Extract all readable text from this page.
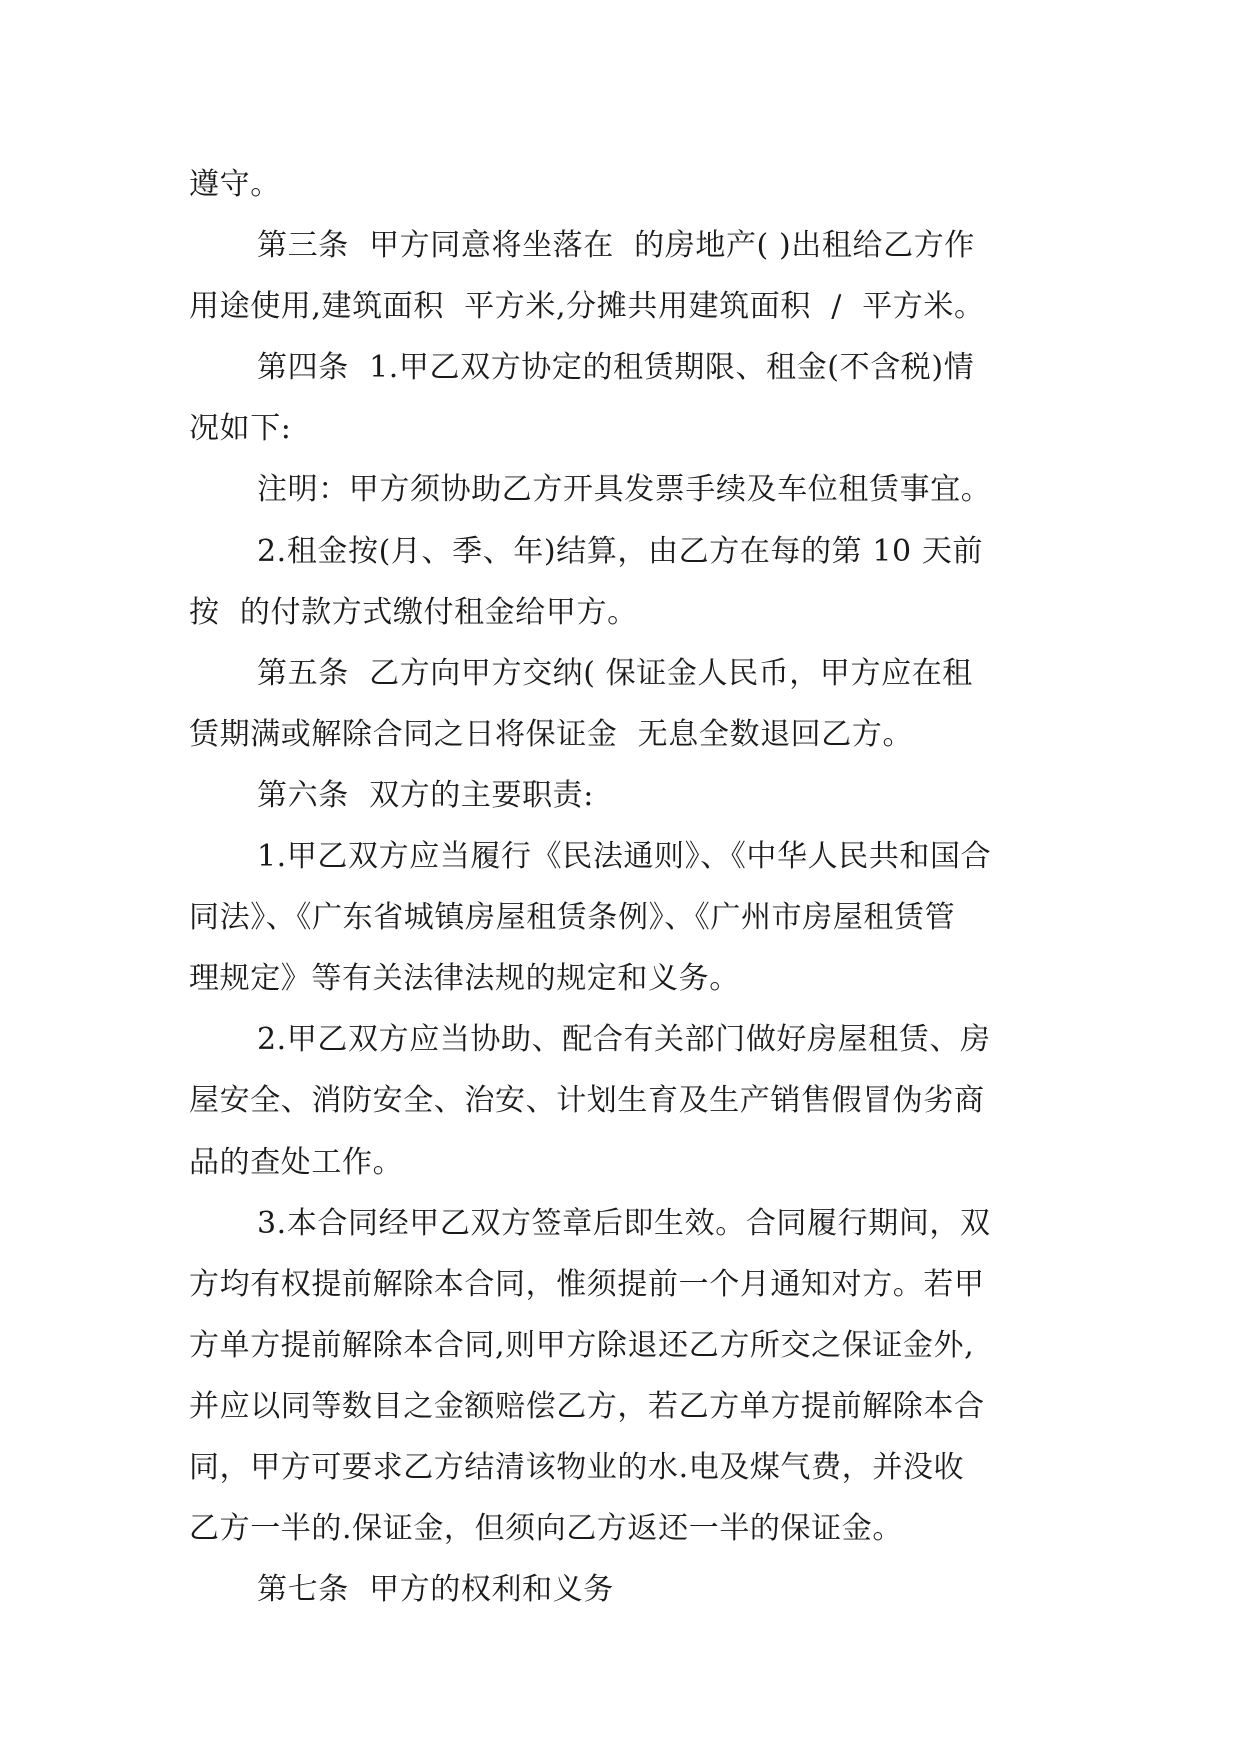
遵守。
第三条  甲方同意将坐落在  的房地产( )出租给乙方作
用途使用,建筑面积  平方米,分摊共用建筑面积  /  平方米。
第四条  1.甲乙双方协定的租赁期限、租金(不含税)情
况如下:
注明：甲方须协助乙方开具发票手续及车位租赁事宜。
2.租金按(月、季、年)结算，由乙方在每的第 10 天前
按  的付款方式缴付租金给甲方。
第五条  乙方向甲方交纳( 保证金人民币，甲方应在租
赁期满或解除合同之日将保证金  无息全数退回乙方。
第六条  双方的主要职责:
1.甲乙双方应当履行《民法通则》、《中华人民共和国合
同法》、《广东省城镇房屋租赁条例》、《广州市房屋租赁管
理规定》等有关法律法规的规定和义务。
2.甲乙双方应当协助、配合有关部门做好房屋租赁、房
屋安全、消防安全、治安、计划生育及生产销售假冒伪劣商
品的查处工作。
3.本合同经甲乙双方签章后即生效。合同履行期间，双
方均有权提前解除本合同，惟须提前一个月通知对方。若甲
方单方提前解除本合同,则甲方除退还乙方所交之保证金外,
并应以同等数目之金额赔偿乙方，若乙方单方提前解除本合
同，甲方可要求乙方结清该物业的水.电及煤气费，并没收
乙方一半的.保证金，但须向乙方返还一半的保证金。
第七条  甲方的权利和义务
